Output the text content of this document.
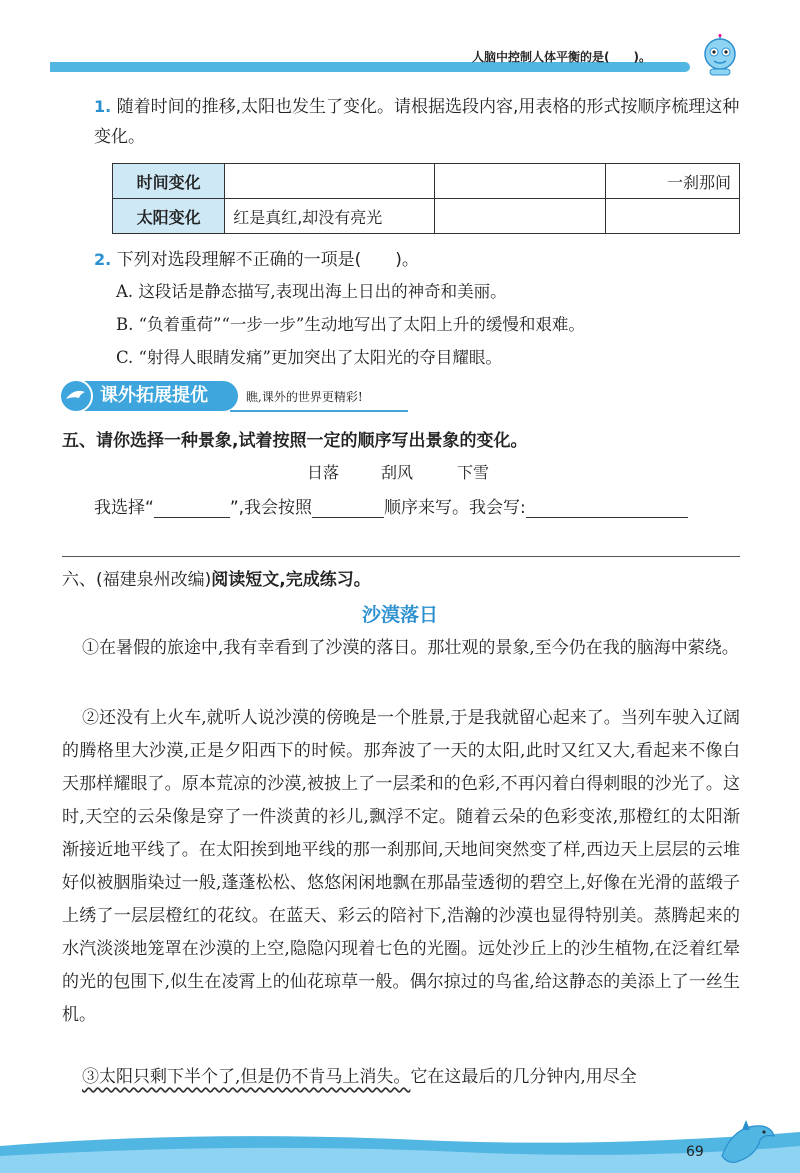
人脑中控制人体平衡的是(　　)。
1. 随着时间的推移,太阳也发生了变化。请根据选段内容,用表格的形式按顺序梳理这种变化。
时间变化			一刹那间
太阳变化	红是真红,却没有亮光		
2. 下列对选段理解不正确的一项是(　　)。
A. 这段话是静态描写,表现出海上日出的神奇和美丽。
B. “负着重荷”“一步一步”生动地写出了太阳上升的缓慢和艰难。
C. “射得人眼睛发痛”更加突出了太阳光的夺目耀眼。
课外拓展提优	瞧,课外的世界更精彩!
五、请你选择一种景象,试着按照一定的顺序写出景象的变化。
日落	刮风	下雪
我选择“	”,我会按照	顺序来写。我会写:
六、(福建泉州改编)阅读短文,完成练习。
沙漠落日
①在暑假的旅途中,我有幸看到了沙漠的落日。那壮观的景象,至今仍在我的脑海中萦绕。
②还没有上火车,就听人说沙漠的傍晚是一个胜景,于是我就留心起来了。当列车驶入辽阔的腾格里大沙漠,正是夕阳西下的时候。那奔波了一天的太阳,此时又红又大,看起来不像白天那样耀眼了。原本荒凉的沙漠,被披上了一层柔和的色彩,不再闪着白得刺眼的沙光了。这时,天空的云朵像是穿了一件淡黄的衫儿,飘浮不定。随着云朵的色彩变浓,那橙红的太阳渐渐接近地平线了。在太阳挨到地平线的那一刹那间,天地间突然变了样,西边天上层层的云堆好似被胭脂染过一般,蓬蓬松松、悠悠闲闲地飘在那晶莹透彻的碧空上,好像在光滑的蓝缎子上绣了一层层橙红的花纹。在蓝天、彩云的陪衬下,浩瀚的沙漠也显得特别美。蒸腾起来的水汽淡淡地笼罩在沙漠的上空,隐隐闪现着七色的光圈。远处沙丘上的沙生植物,在泛着红晕的光的包围下,似生在凌霄上的仙花琼草一般。偶尔掠过的鸟雀,给这静态的美添上了一丝生机。
③太阳只剩下半个了,但是仍不肯马上消失。它在这最后的几分钟内,用尽全
69
